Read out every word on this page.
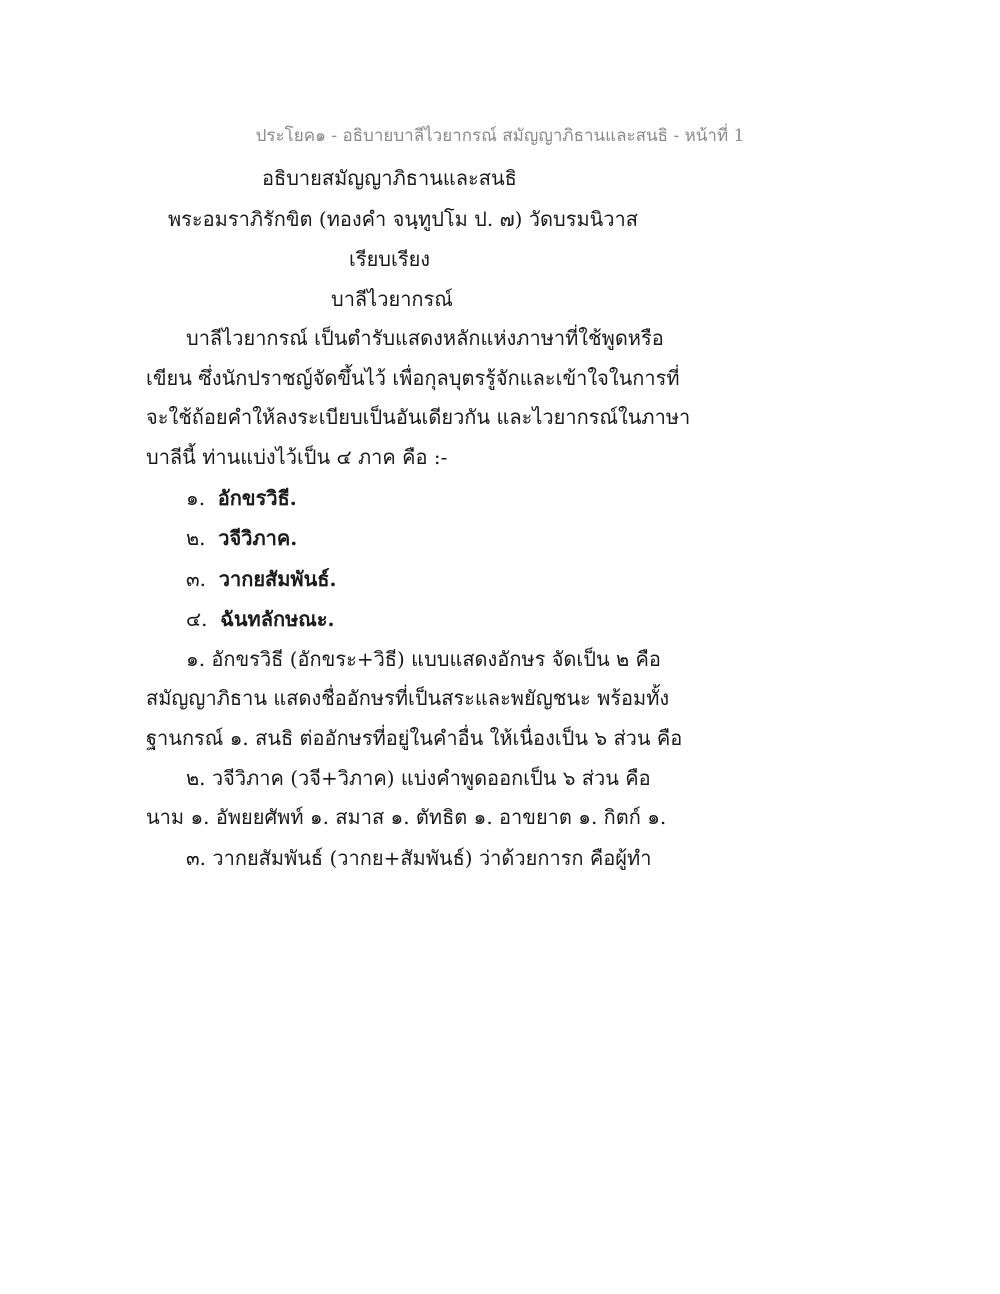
ประโยค๑ - อธิบายบาลีไวยากรณ์ สมัญญาภิธานและสนธิ - หน้าที่ 1
อธิบายสมัญญาภิธานและสนธิ
พระอมราภิรักขิต (ทองคำ จนฺทูปโม ป. ๗) วัดบรมนิวาส
เรียบเรียง
บาลีไวยากรณ์
บาลีไวยากรณ์ เป็นตำรับแสดงหลักแห่งภาษาที่ใช้พูดหรือ
เขียน ซึ่งนักปราชญ์จัดขึ้นไว้ เพื่อกุลบุตรรู้จักและเข้าใจในการที่
จะใช้ถ้อยคำให้ลงระเบียบเป็นอันเดียวกัน และไวยากรณ์ในภาษา
บาลีนี้ ท่านแบ่งไว้เป็น ๔ ภาค คือ :-
๑. อักขรวิธี.
๒. วจีวิภาค.
๓. วากยสัมพันธ์.
๔. ฉันทลักษณะ.
๑. อักขรวิธี (อักขระ+วิธี) แบบแสดงอักษร จัดเป็น ๒ คือ
สมัญญาภิธาน แสดงชื่ออักษรที่เป็นสระและพยัญชนะ พร้อมทั้ง
ฐานกรณ์ ๑. สนธิ ต่ออักษรที่อยู่ในคำอื่น ให้เนื่องเป็น ๖ ส่วน คือ
๒. วจีวิภาค (วจี+วิภาค) แบ่งคำพูดออกเป็น ๖ ส่วน คือ
นาม ๑. อัพยยศัพท์ ๑. สมาส ๑. ตัทธิต ๑. อาขยาต ๑. กิตก์ ๑.
๓. วากยสัมพันธ์ (วากย+สัมพันธ์) ว่าด้วยการก คือผู้ทำ
